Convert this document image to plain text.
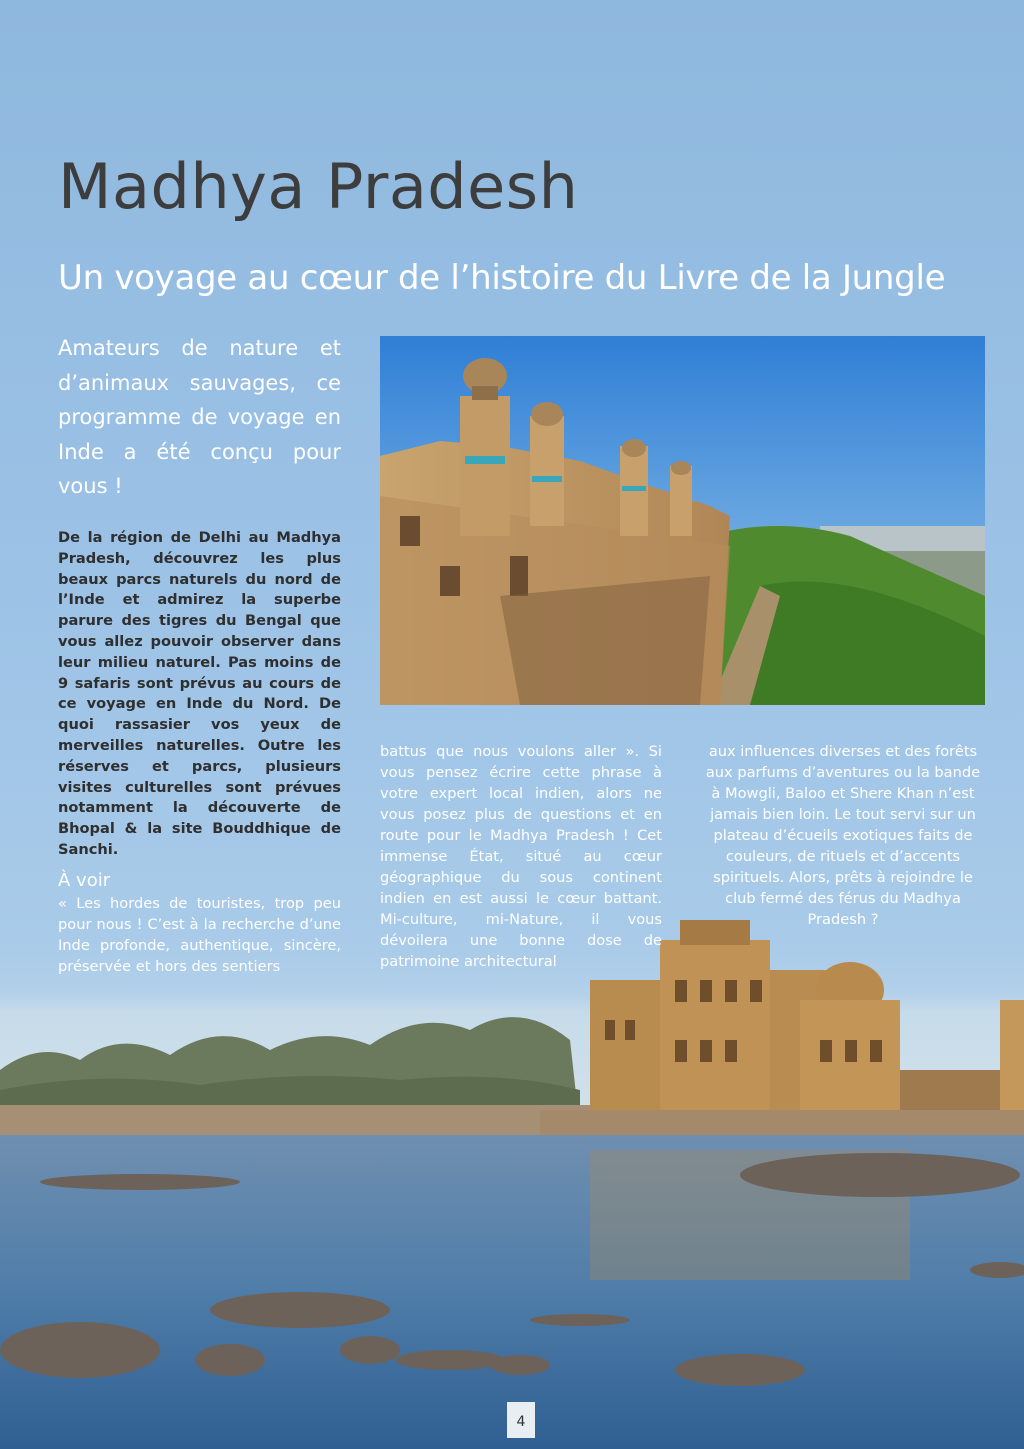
Madhya Pradesh
Un voyage au cœur de l’histoire du Livre de la Jungle

Amateurs de nature et d’animaux sauvages, ce programme de voyage en Inde a été conçu pour vous !

De la région de Delhi au Madhya Pradesh, découvrez les plus beaux parcs naturels du nord de l’Inde et admirez la superbe parure des tigres du Bengal que vous allez pouvoir observer dans leur milieu naturel. Pas moins de 9 safaris sont prévus au cours de ce voyage en Inde du Nord. De quoi rassasier vos yeux de merveilles naturelles. Outre les réserves et parcs, plusieurs visites culturelles sont prévues notamment la découverte de Bhopal & la site Bouddhique de Sanchi.

À voir

« Les hordes de touristes, trop peu pour nous ! C’est à la recherche d’une Inde profonde, authentique, sincère, préservée et hors des sentiers

battus que nous voulons aller ». Si vous pensez écrire cette phrase à votre expert local indien, alors ne vous posez plus de questions et en route pour le Madhya Pradesh ! Cet immense État, situé au cœur géographique du sous continent indien en est aussi le cœur battant. Mi-culture, mi-Nature, il vous dévoilera une bonne dose de patrimoine architectural

aux influences diverses et des forêts aux parfums d’aventures ou la bande à Mowgli, Baloo et Shere Khan n’est jamais bien loin. Le tout servi sur un plateau d’écueils exotiques faits de couleurs, de rituels et d’accents spirituels. Alors, prêts à rejoindre le club fermé des férus du Madhya Pradesh ?

4
